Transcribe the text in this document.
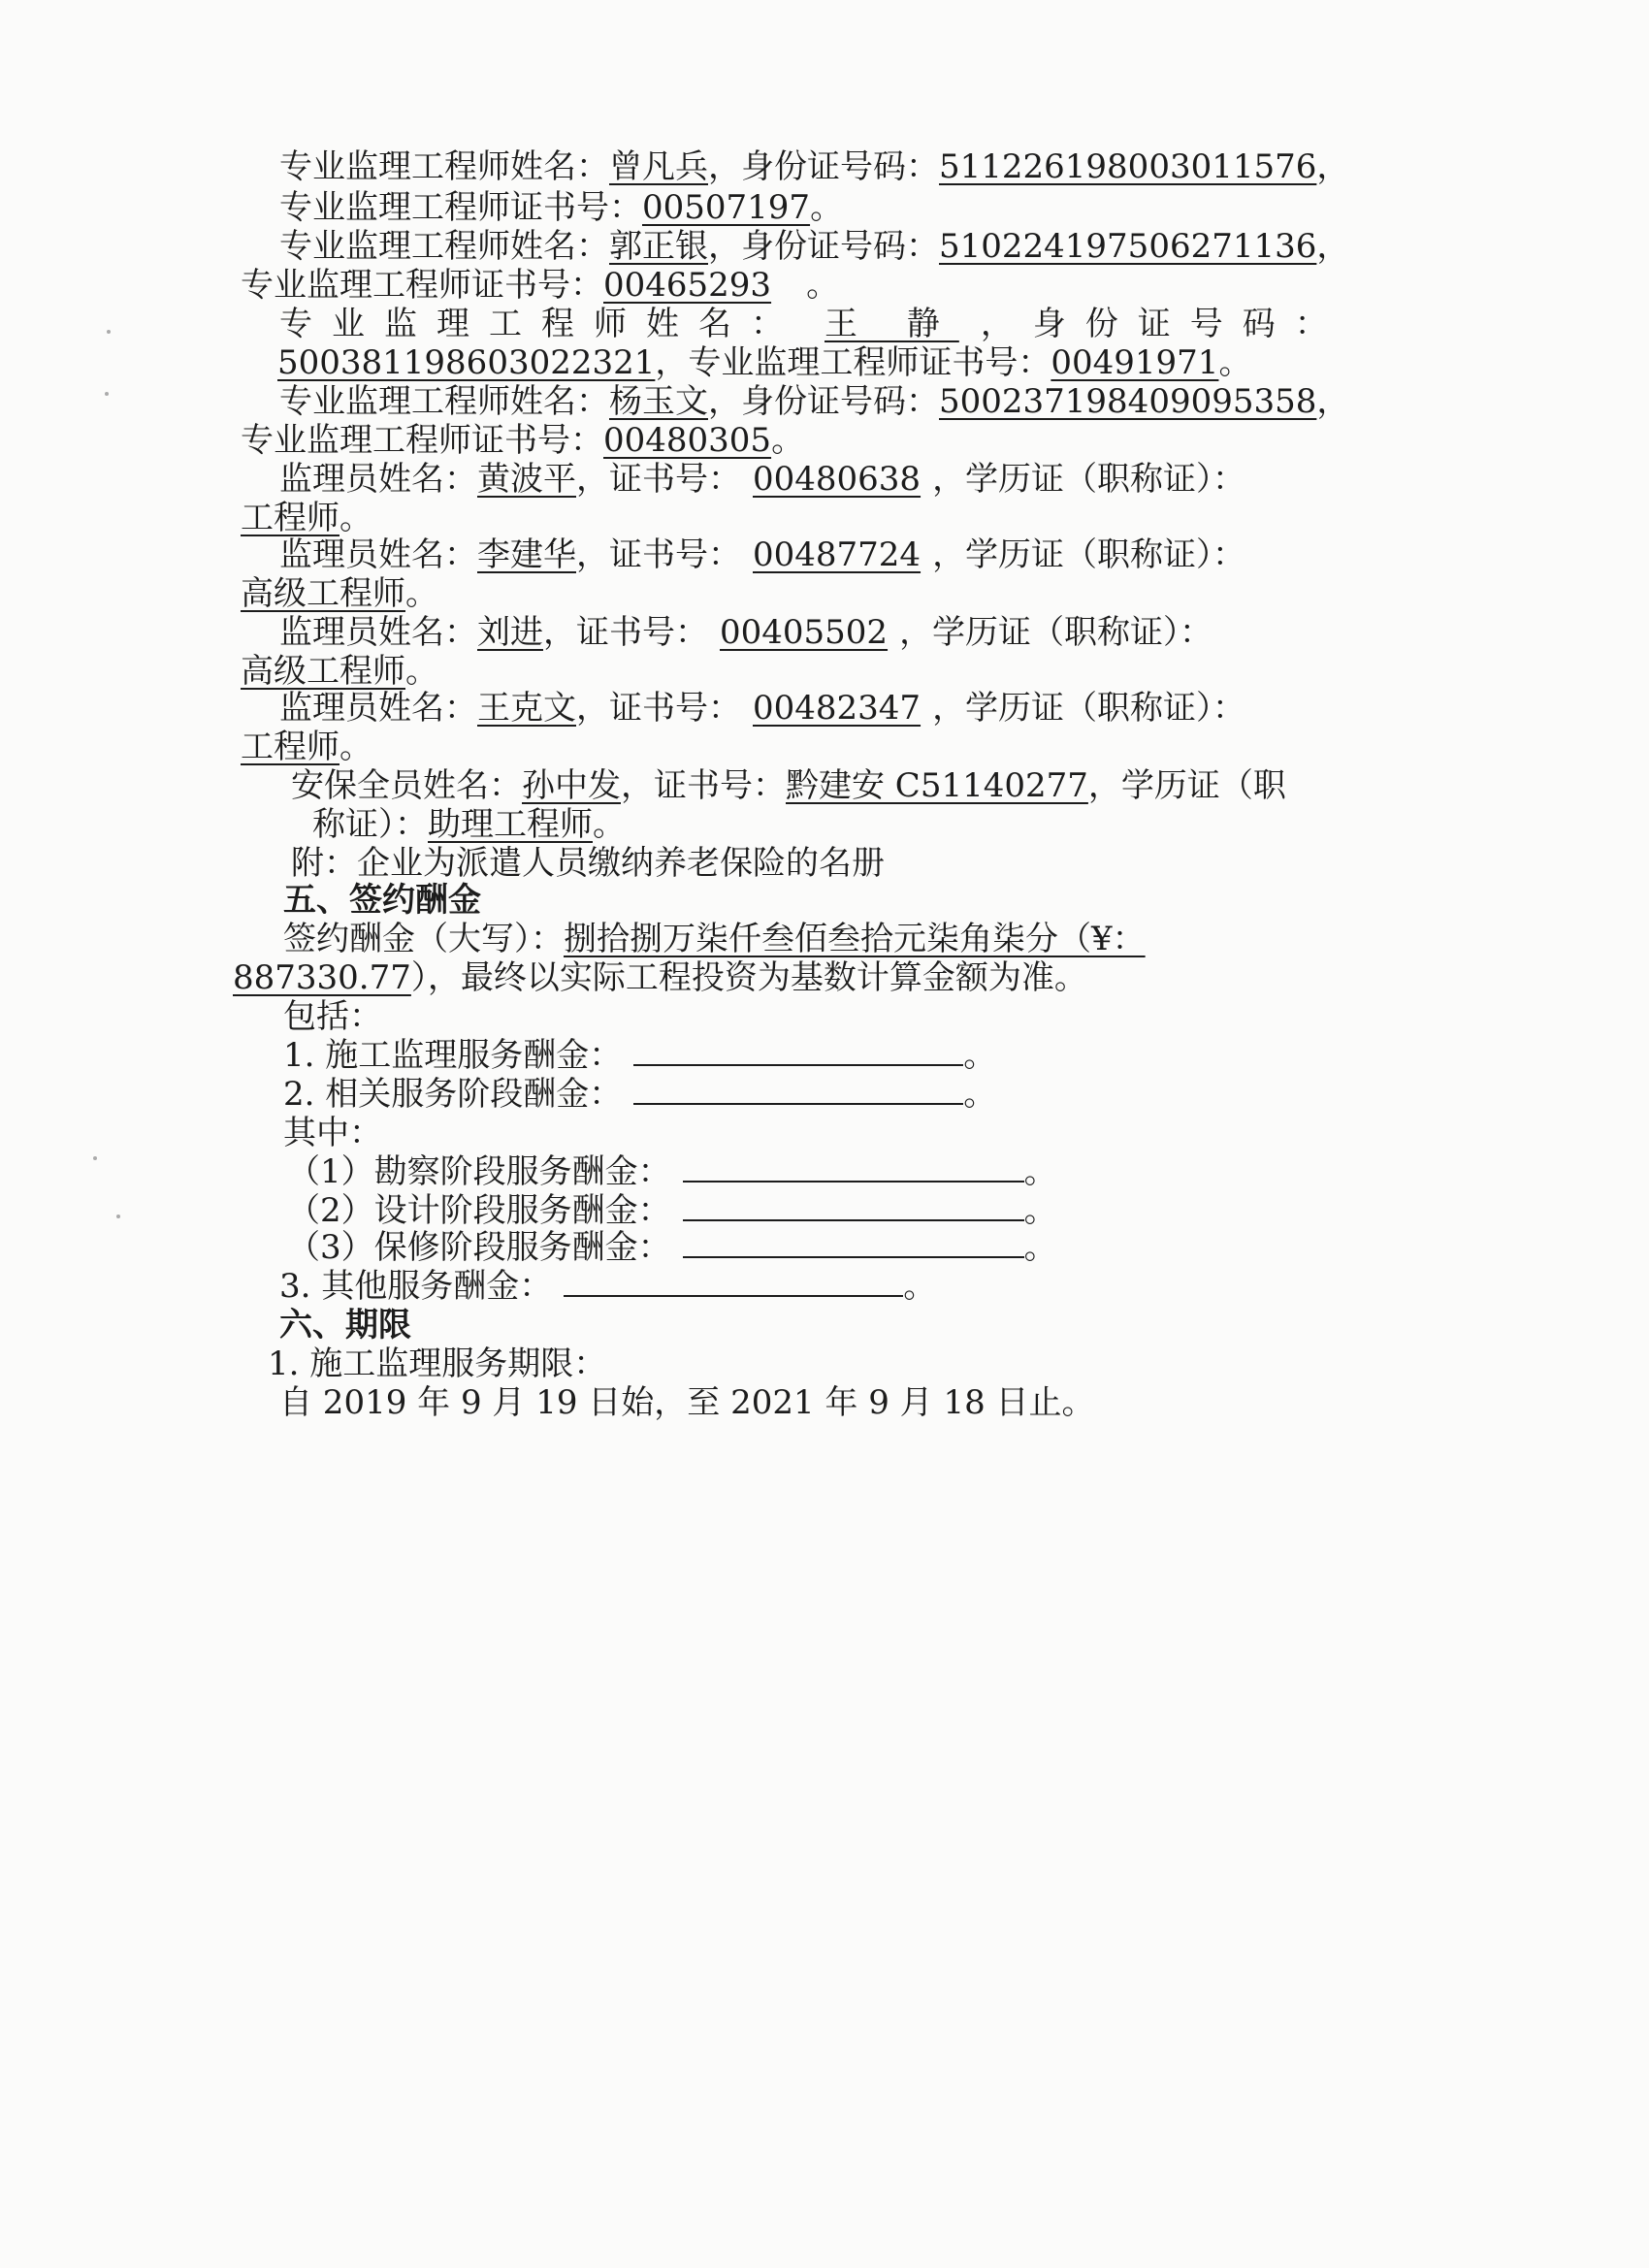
专业监理工程师姓名：曾凡兵，身份证号码：511226198003011576，
专业监理工程师证书号：00507197。
专业监理工程师姓名：郭正银，身份证号码：510224197506271136，
专业监理工程师证书号：00465293 。
专业监理工程师姓名： 王 静 ，身份证号码：
500381198603022321，专业监理工程师证书号：00491971。
专业监理工程师姓名：杨玉文，身份证号码：500237198409095358，
专业监理工程师证书号：00480305。
监理员姓名：黄波平，证书号： 00480638 ，学历证（职称证）：
工程师。
监理员姓名：李建华，证书号： 00487724 ，学历证（职称证）：
高级工程师。
监理员姓名：刘进，证书号： 00405502 ，学历证（职称证）：
高级工程师。
监理员姓名：王克文，证书号： 00482347 ，学历证（职称证）：
工程师。
安保全员姓名：孙中发，证书号：黔建安 C51140277，学历证（职
称证）：助理工程师。
附：企业为派遣人员缴纳养老保险的名册
五、签约酬金
签约酬金（大写）：捌拾捌万柒仟叁佰叁拾元柒角柒分（¥：
887330.77），最终以实际工程投资为基数计算金额为准。
包括：
1. 施工监理服务酬金：	。
2. 相关服务阶段酬金：	。
其中：
（1）勘察阶段服务酬金：	。
（2）设计阶段服务酬金：	。
（3）保修阶段服务酬金：	。
3. 其他服务酬金：	。
六、期限
1. 施工监理服务期限：
自 2019 年 9 月 19 日始，至 2021 年 9 月 18 日止。
